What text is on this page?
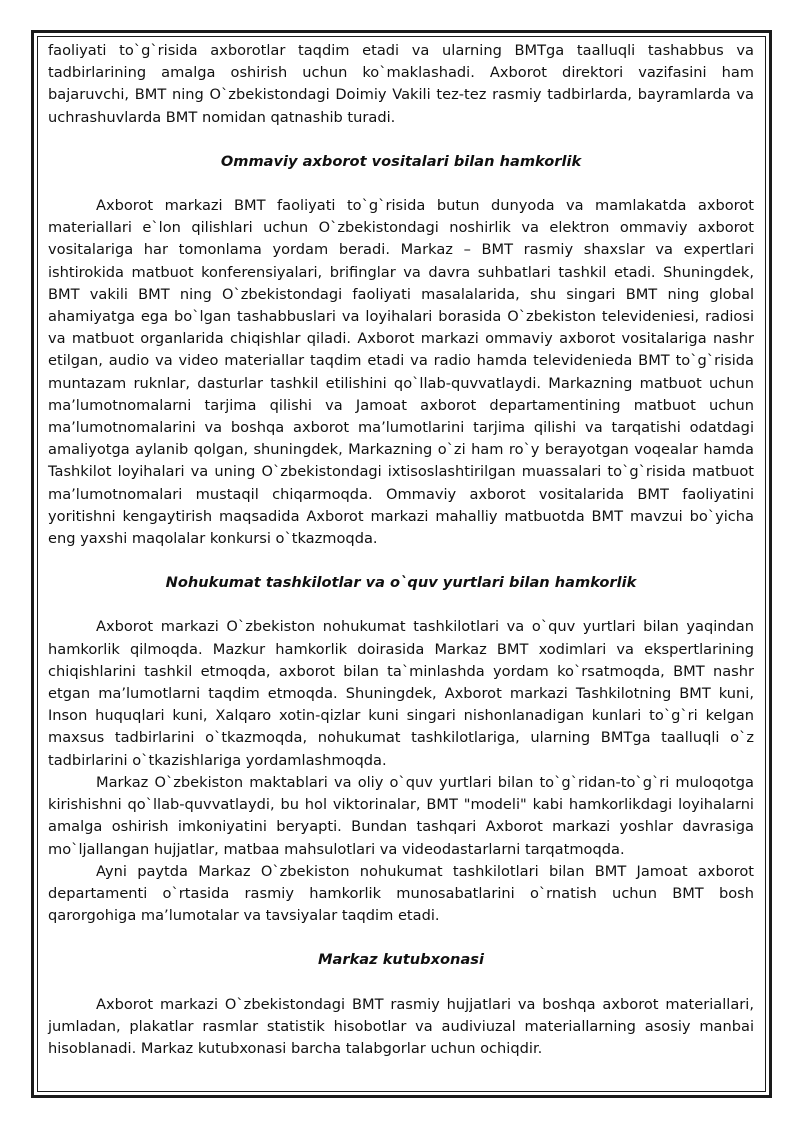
faoliyati to`g`risida axborotlar taqdim etadi va ularning BMTga taalluqli tashabbus va tadbirlarining amalga oshirish uchun ko`maklashadi. Axborot direktori vazifasini ham bajaruvchi, BMT ning O`zbekistondagi Doimiy Vakili tez-tez rasmiy tadbirlarda, bayramlarda va uchrashuvlarda BMT nomidan qatnashib turadi.

Ommaviy axborot vositalari bilan hamkorlik

Axborot markazi BMT faoliyati to`g`risida butun dunyoda va mamlakatda axborot materiallari e`lon qilishlari uchun O`zbekistondagi noshirlik va elektron ommaviy axborot vositalariga har tomonlama yordam beradi. Markaz – BMT rasmiy shaxslar va expertlari ishtirokida matbuot konferensiyalari, brifinglar va davra suhbatlari tashkil etadi. Shuningdek, BMT vakili BMT ning O`zbekistondagi faoliyati masalalarida, shu singari BMT ning global ahamiyatga ega bo`lgan tashabbuslari va loyihalari borasida O`zbekiston televideniesi, radiosi va matbuot organlarida chiqishlar qiladi. Axborot markazi ommaviy axborot vositalariga nashr etilgan, audio va video materiallar taqdim etadi va radio hamda televidenieda BMT to`g`risida muntazam ruknlar, dasturlar tashkil etilishini qo`llab-quvvatlaydi. Markazning matbuot uchun ma’lumotnomalarni tarjima qilishi va Jamoat axborot departamentining matbuot uchun ma’lumotnomalarini va boshqa axborot ma’lumotlarini tarjima qilishi va tarqatishi odatdagi amaliyotga aylanib qolgan, shuningdek, Markazning o`zi ham ro`y berayotgan voqealar hamda Tashkilot loyihalari va uning O`zbekistondagi ixtisoslashtirilgan muassalari to`g`risida matbuot ma’lumotnomalari mustaqil chiqarmoqda. Ommaviy axborot vositalarida BMT faoliyatini yoritishni kengaytirish maqsadida Axborot markazi mahalliy matbuotda BMT mavzui bo`yicha eng yaxshi maqolalar konkursi o`tkazmoqda.

Nohukumat tashkilotlar va o`quv yurtlari bilan hamkorlik

Axborot markazi O`zbekiston nohukumat tashkilotlari va o`quv yurtlari bilan yaqindan hamkorlik qilmoqda. Mazkur hamkorlik doirasida Markaz BMT xodimlari va ekspertlarining chiqishlarini tashkil etmoqda, axborot bilan ta`minlashda yordam ko`rsatmoqda, BMT nashr etgan ma’lumotlarni taqdim etmoqda. Shuningdek, Axborot markazi Tashkilotning BMT kuni, Inson huquqlari kuni, Xalqaro xotin-qizlar kuni singari nishonlanadigan kunlari to`g`ri kelgan maxsus tadbirlarini o`tkazmoqda, nohukumat tashkilotlariga, ularning BMTga taalluqli o`z tadbirlarini o`tkazishlariga yordamlashmoqda.

Markaz O`zbekiston maktablari va oliy o`quv yurtlari bilan to`g`ridan-to`g`ri muloqotga kirishishni qo`llab-quvvatlaydi, bu hol viktorinalar, BMT "modeli" kabi hamkorlikdagi loyihalarni amalga oshirish imkoniyatini beryapti. Bundan tashqari Axborot markazi yoshlar davrasiga mo`ljallangan hujjatlar, matbaa mahsulotlari va videodastarlarni tarqatmoqda.

Ayni paytda Markaz O`zbekiston nohukumat tashkilotlari bilan BMT Jamoat axborot departamenti o`rtasida rasmiy hamkorlik munosabatlarini o`rnatish uchun BMT bosh qarorgohiga ma’lumotalar va tavsiyalar taqdim etadi.

Markaz kutubxonasi

Axborot markazi O`zbekistondagi BMT rasmiy hujjatlari va boshqa axborot materiallari, jumladan, plakatlar rasmlar statistik hisobotlar va audiviuzal materiallarning asosiy manbai hisoblanadi. Markaz kutubxonasi barcha talabgorlar uchun ochiqdir.
